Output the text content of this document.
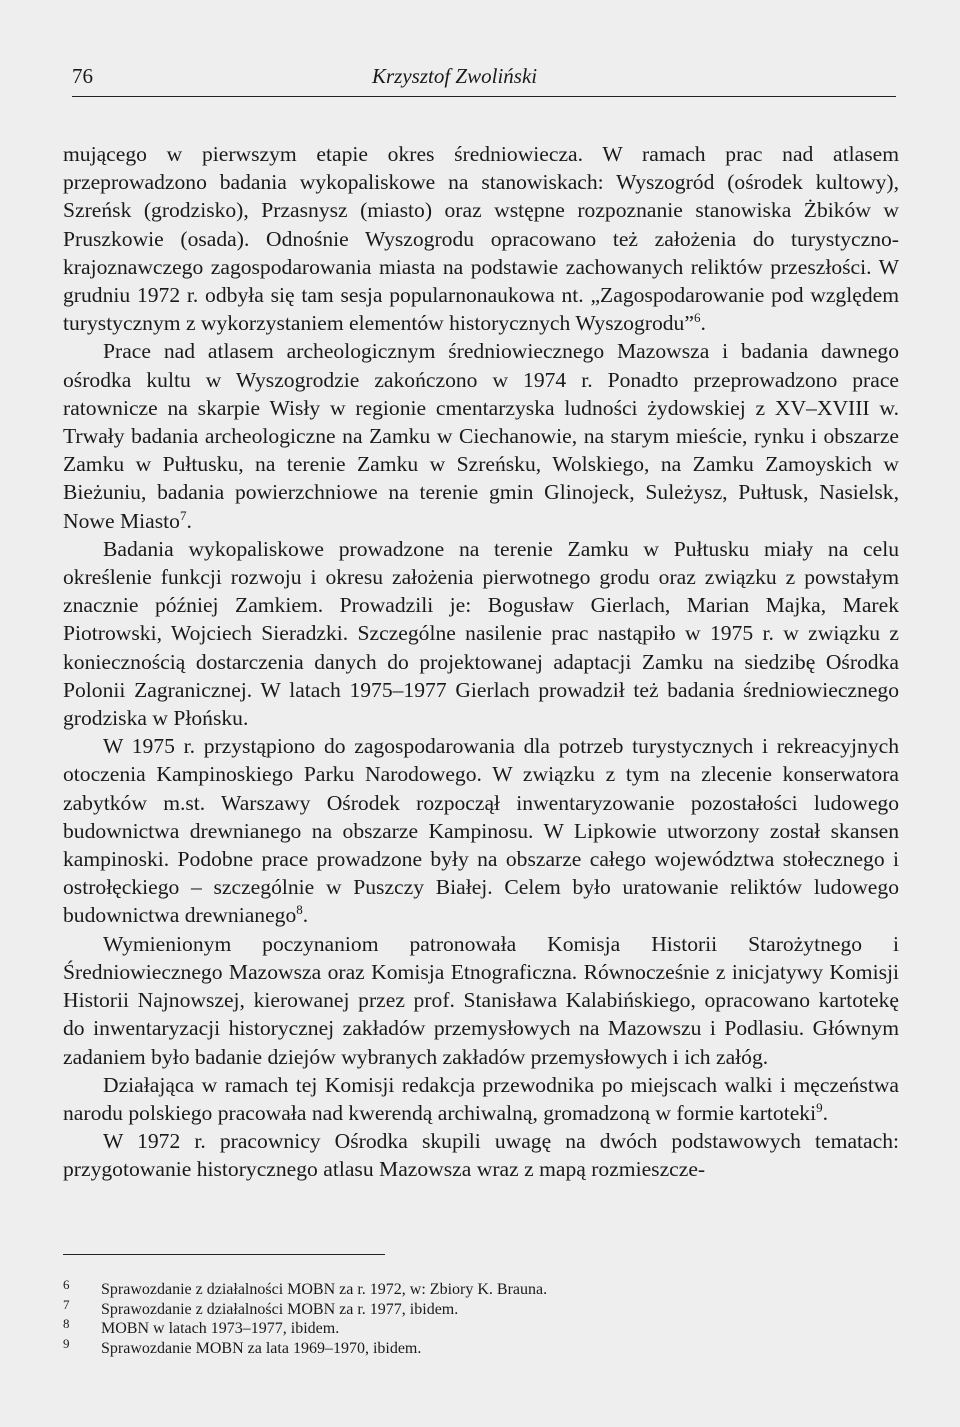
76	Krzysztof Zwoliński

mującego w pierwszym etapie okres średniowiecza. W ramach prac nad atlasem przeprowadzono badania wykopaliskowe na stanowiskach: Wyszogród (ośrodek kultowy), Szreńsk (grodzisko), Przasnysz (miasto) oraz wstępne rozpoznanie stanowiska Żbików w Pruszkowie (osada). Odnośnie Wyszogrodu opracowano też założenia do turystyczno-krajoznawczego zagospodarowania miasta na podstawie zachowanych reliktów przeszłości. W grudniu 1972 r. odbyła się tam sesja popularnonaukowa nt. „Zagospodarowanie pod względem turystycznym z wykorzystaniem elementów historycznych Wyszogrodu”$^6$.

Prace nad atlasem archeologicznym średniowiecznego Mazowsza i badania dawnego ośrodka kultu w Wyszogrodzie zakończono w 1974 r. Ponadto przeprowadzono prace ratownicze na skarpie Wisły w regionie cmentarzyska ludności żydowskiej z XV–XVIII w. Trwały badania archeologiczne na Zamku w Ciechanowie, na starym mieście, rynku i obszarze Zamku w Pułtusku, na terenie Zamku w Szreńsku, Wolskiego, na Zamku Zamoyskich w Bieżuniu, badania powierzchniowe na terenie gmin Glinojeck, Suleżysz, Pułtusk, Nasielsk, Nowe Miasto$^7$.

Badania wykopaliskowe prowadzone na terenie Zamku w Pułtusku miały na celu określenie funkcji rozwoju i okresu założenia pierwotnego grodu oraz związku z powstałym znacznie później Zamkiem. Prowadzili je: Bogusław Gierlach, Marian Majka, Marek Piotrowski, Wojciech Sieradzki. Szczególne nasilenie prac nastąpiło w 1975 r. w związku z koniecznością dostarczenia danych do projektowanej adaptacji Zamku na siedzibę Ośrodka Polonii Zagranicznej. W latach 1975–1977 Gierlach prowadził też badania średniowiecznego grodziska w Płońsku.

W 1975 r. przystąpiono do zagospodarowania dla potrzeb turystycznych i rekreacyjnych otoczenia Kampinoskiego Parku Narodowego. W związku z tym na zlecenie konserwatora zabytków m.st. Warszawy Ośrodek rozpoczął inwentaryzowanie pozostałości ludowego budownictwa drewnianego na obszarze Kampinosu. W Lipkowie utworzony został skansen kampinoski. Podobne prace prowadzone były na obszarze całego województwa stołecznego i ostrołęckiego – szczególnie w Puszczy Białej. Celem było uratowanie reliktów ludowego budownictwa drewnianego$^8$.

Wymienionym poczynaniom patronowała Komisja Historii Starożytnego i Średniowiecznego Mazowsza oraz Komisja Etnograficzna. Równocześnie z inicjatywy Komisji Historii Najnowszej, kierowanej przez prof. Stanisława Kalabińskiego, opracowano kartotekę do inwentaryzacji historycznej zakładów przemysłowych na Mazowszu i Podlasiu. Głównym zadaniem było badanie dziejów wybranych zakładów przemysłowych i ich załóg.

Działająca w ramach tej Komisji redakcja przewodnika po miejscach walki i męczeństwa narodu polskiego pracowała nad kwerendą archiwalną, gromadzoną w formie kartoteki$^9$.

W 1972 r. pracownicy Ośrodka skupili uwagę na dwóch podstawowych tematach: przygotowanie historycznego atlasu Mazowsza wraz z mapą rozmieszcze-

6	Sprawozdanie z działalności MOBN za r. 1972, w: Zbiory K. Brauna.
7	Sprawozdanie z działalności MOBN za r. 1977, ibidem.
8	MOBN w latach 1973–1977, ibidem.
9	Sprawozdanie MOBN za lata 1969–1970, ibidem.
